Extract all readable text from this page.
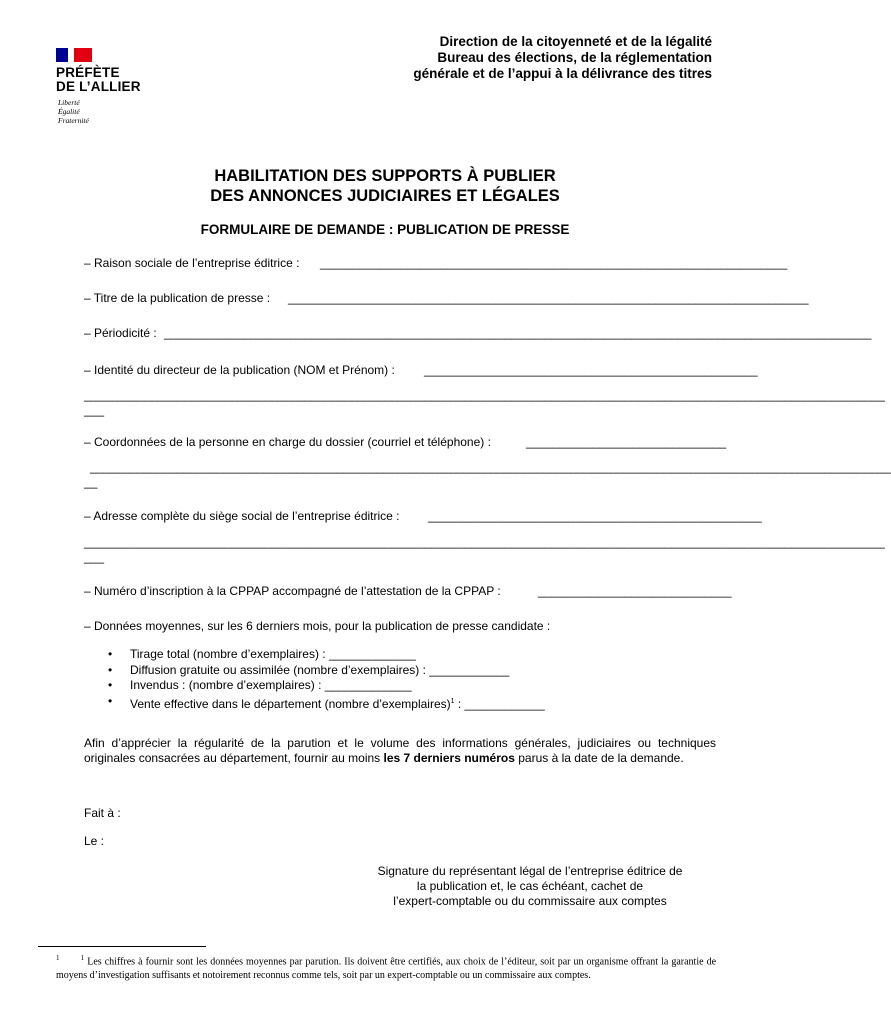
PRÉFÈTE
DE L’ALLIER
Liberté
Égalité
Fraternité
Direction de la citoyenneté et de la légalité
Bureau des élections, de la réglementation
générale et de l’appui à la délivrance des titres
HABILITATION DES SUPPORTS À PUBLIER
DES ANNONCES JUDICIAIRES ET LÉGALES
FORMULAIRE DE DEMANDE : PUBLICATION DE PRESSE
– Raison sociale de l’entreprise éditrice : ______________________________________________________________________
– Titre de la publication de presse : ______________________________________________________________________________
– Périodicité : __________________________________________________________________________________________________________
– Identité du directeur de la publication (NOM et Prénom) : __________________________________________________
________________________________________________________________________________________________________________________
___
– Coordonnées de la personne en charge du dossier (courriel et téléphone) :	______________________________
________________________________________________________________________________________________________________________
__
– Adresse complète du siège social de l’entreprise éditrice : __________________________________________________
________________________________________________________________________________________________________________________
___
– Numéro d’inscription à la CPPAP accompagné de l’attestation de la CPPAP :	_____________________________
– Données moyennes, sur les 6 derniers mois, pour la publication de presse candidate :
• Tirage total (nombre d’exemplaires) : _____________
• Diffusion gratuite ou assimilée (nombre d’exemplaires) : ____________
• Invendus : (nombre d’exemplaires) : _____________
• Vente effective dans le département (nombre d’exemplaires)$^1$ : ____________
Afin d’apprécier la régularité de la parution et le volume des informations générales, judiciaires ou techniques originales consacrées au département, fournir au moins les 7 derniers numéros parus à la date de la demande.
Fait à :
Le :
Signature du représentant légal de l’entreprise éditrice de
la publication et, le cas échéant, cachet de
l’expert-comptable ou du commissaire aux comptes
$^1$	$^1$ Les chiffres à fournir sont les données moyennes par parution. Ils doivent être certifiés, aux choix de l’éditeur, soit par un organisme offrant la garantie de moyens d’investigation suffisants et notoirement reconnus comme tels, soit par un expert-comptable ou un commissaire aux comptes.
